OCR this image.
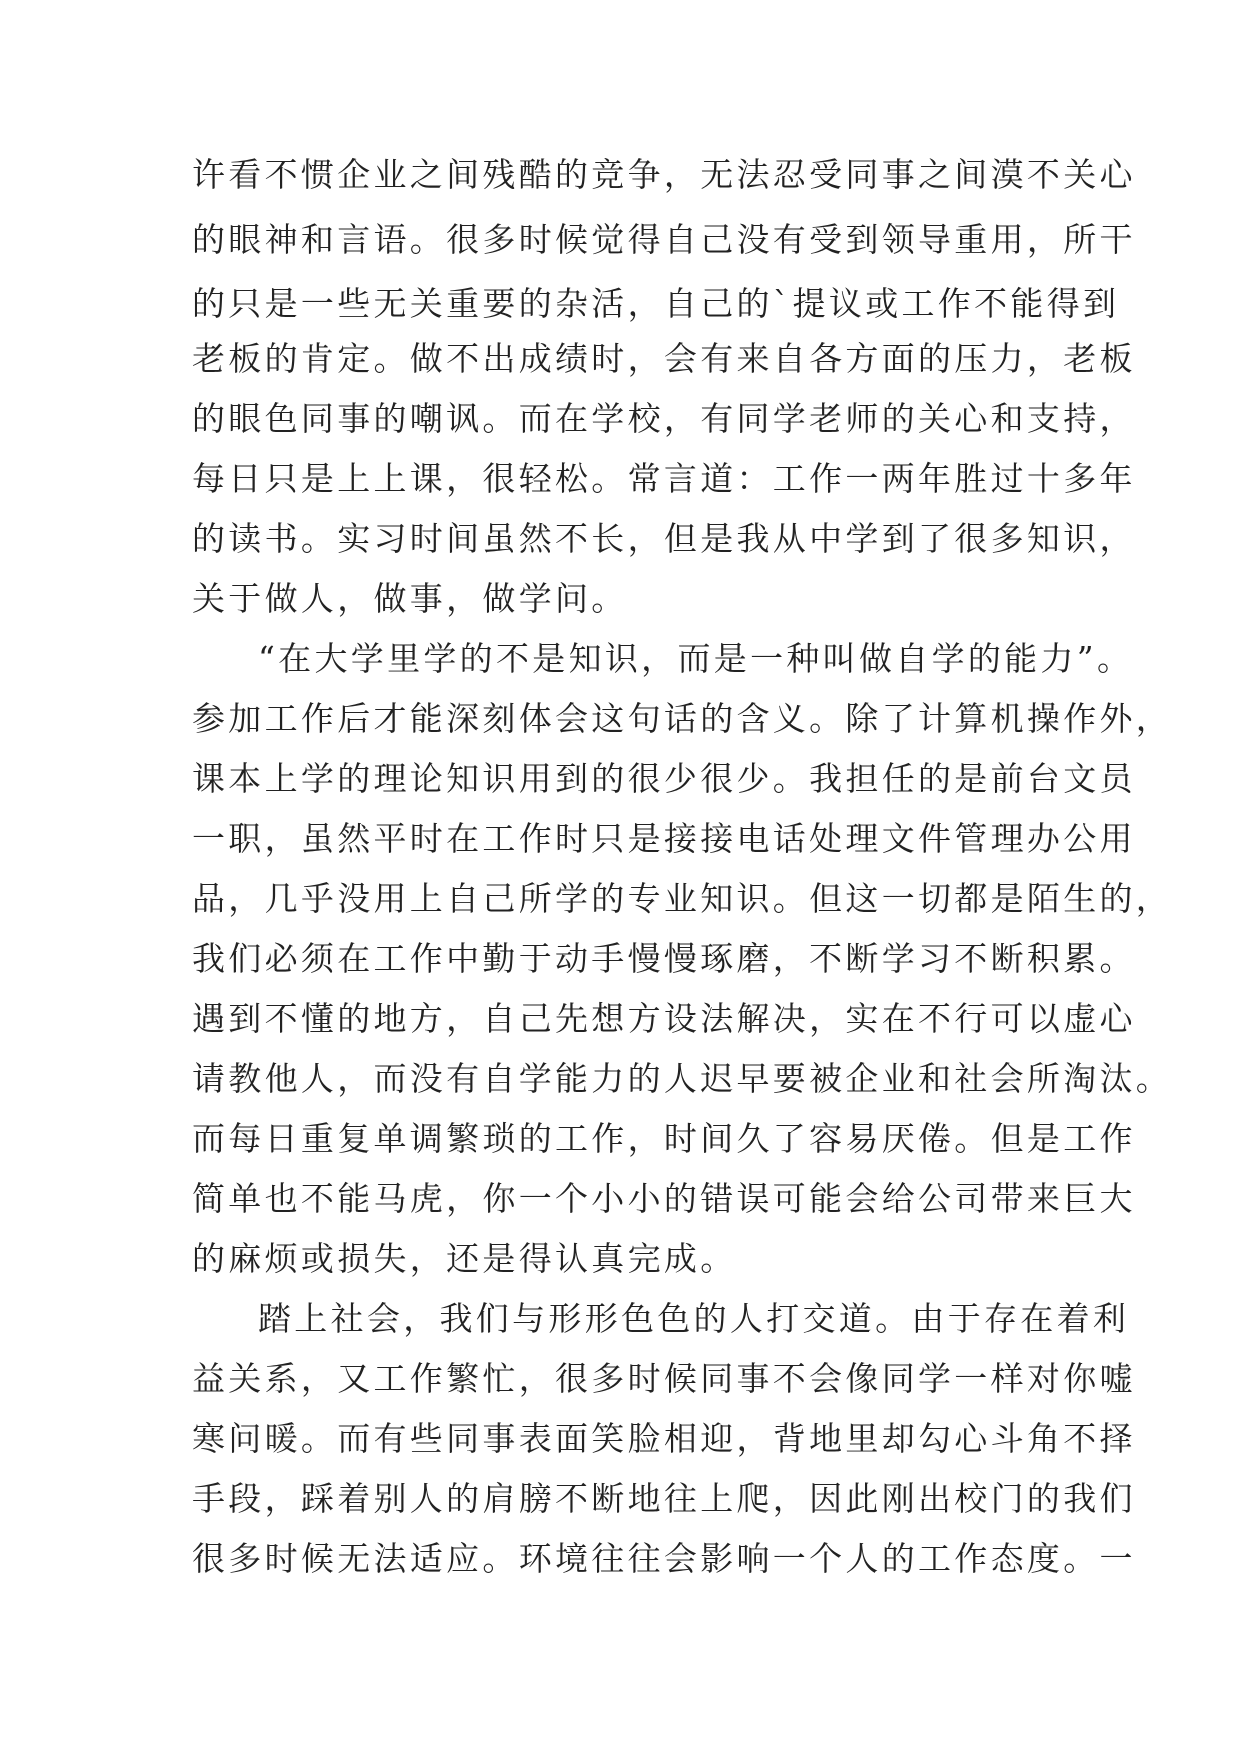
许看不惯企业之间残酷的竞争，无法忍受同事之间漠不关心
的眼神和言语。很多时候觉得自己没有受到领导重用，所干
的只是一些无关重要的杂活，自己的`提议或工作不能得到
老板的肯定。做不出成绩时，会有来自各方面的压力，老板
的眼色同事的嘲讽。而在学校，有同学老师的关心和支持，
每日只是上上课，很轻松。常言道：工作一两年胜过十多年
的读书。实习时间虽然不长，但是我从中学到了很多知识，
关于做人，做事，做学问。
“在大学里学的不是知识，而是一种叫做自学的能力”。
参加工作后才能深刻体会这句话的含义。除了计算机操作外，
课本上学的理论知识用到的很少很少。我担任的是前台文员
一职，虽然平时在工作时只是接接电话处理文件管理办公用
品，几乎没用上自己所学的专业知识。但这一切都是陌生的，
我们必须在工作中勤于动手慢慢琢磨，不断学习不断积累。
遇到不懂的地方，自己先想方设法解决，实在不行可以虚心
请教他人，而没有自学能力的人迟早要被企业和社会所淘汰。
而每日重复单调繁琐的工作，时间久了容易厌倦。但是工作
简单也不能马虎，你一个小小的错误可能会给公司带来巨大
的麻烦或损失，还是得认真完成。
踏上社会，我们与形形色色的人打交道。由于存在着利
益关系，又工作繁忙，很多时候同事不会像同学一样对你嘘
寒问暖。而有些同事表面笑脸相迎，背地里却勾心斗角不择
手段，踩着别人的肩膀不断地往上爬，因此刚出校门的我们
很多时候无法适应。环境往往会影响一个人的工作态度。一
